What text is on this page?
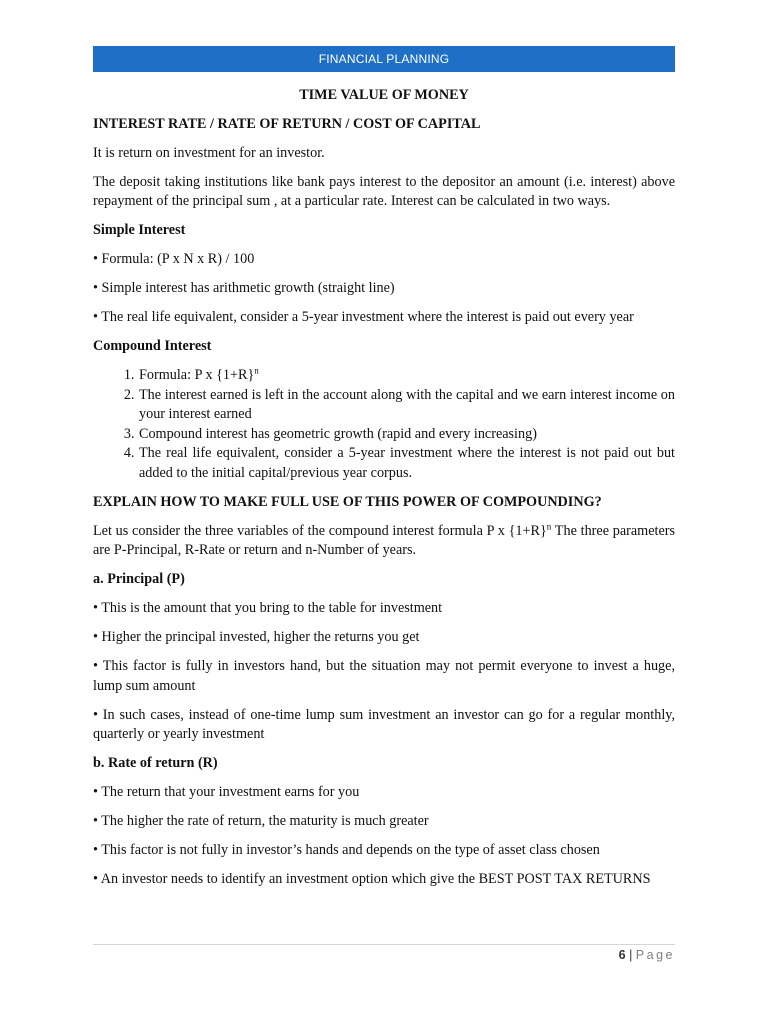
FINANCIAL PLANNING
TIME VALUE OF MONEY
INTEREST RATE / RATE OF RETURN / COST OF CAPITAL

It is return on investment for an investor.

The deposit taking institutions like bank pays interest to the depositor an amount (i.e. interest) above repayment of the principal sum , at a particular rate. Interest can be calculated in two ways.

Simple Interest

• Formula: (P x N x R) / 100

• Simple interest has arithmetic growth (straight line)

• The real life equivalent, consider a 5-year investment where the interest is paid out every year

Compound Interest
1. Formula: P x $\{1+R\}^n$
2. The interest earned is left in the account along with the capital and we earn interest income on your interest earned
3. Compound interest has geometric growth (rapid and every increasing)
4. The real life equivalent, consider a 5-year investment where the interest is not paid out but added to the initial capital/previous year corpus.
EXPLAIN HOW TO MAKE FULL USE OF THIS POWER OF COMPOUNDING?

Let us consider the three variables of the compound interest formula P x $\{1+R\}^n$ The three parameters are P-Principal, R-Rate or return and n-Number of years.

a. Principal (P)

• This is the amount that you bring to the table for investment

• Higher the principal invested, higher the returns you get

• This factor is fully in investors hand, but the situation may not permit everyone to invest a huge, lump sum amount

• In such cases, instead of one-time lump sum investment an investor can go for a regular monthly, quarterly or yearly investment

b. Rate of return (R)

• The return that your investment earns for you

• The higher the rate of return, the maturity is much greater

• This factor is not fully in investor’s hands and depends on the type of asset class chosen

• An investor needs to identify an investment option which give the BEST POST TAX RETURNS

6 | Page
